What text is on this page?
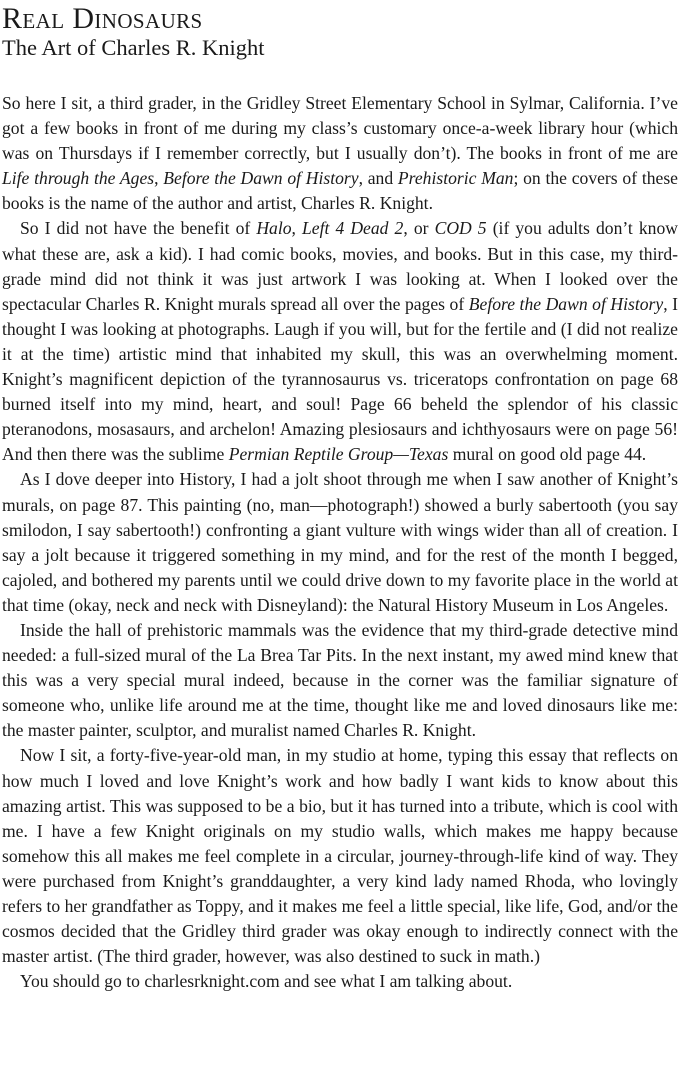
Real Dinosaurs
The Art of Charles R. Knight

So here I sit, a third grader, in the Gridley Street Elementary School in Sylmar, California. I’ve got a few books in front of me during my class’s customary once-a-week library hour (which was on Thursdays if I remember correctly, but I usually don’t). The books in front of me are Life through the Ages, Before the Dawn of History, and Prehistoric Man; on the covers of these books is the name of the author and artist, Charles R. Knight.

So I did not have the benefit of Halo, Left 4 Dead 2, or COD 5 (if you adults don’t know what these are, ask a kid). I had comic books, movies, and books. But in this case, my third-grade mind did not think it was just artwork I was looking at. When I looked over the spectacular Charles R. Knight murals spread all over the pages of Before the Dawn of History, I thought I was looking at photographs. Laugh if you will, but for the fertile and (I did not realize it at the time) artistic mind that inhabited my skull, this was an overwhelming moment. Knight’s magnificent depiction of the tyrannosaurus vs. triceratops confrontation on page 68 burned itself into my mind, heart, and soul! Page 66 beheld the splendor of his classic pteranodons, mosasaurs, and archelon! Amazing plesiosaurs and ichthyosaurs were on page 56! And then there was the sublime Permian Reptile Group—Texas mural on good old page 44.

As I dove deeper into History, I had a jolt shoot through me when I saw another of Knight’s murals, on page 87. This painting (no, man—photograph!) showed a burly sabertooth (you say smilodon, I say sabertooth!) confronting a giant vulture with wings wider than all of creation. I say a jolt because it triggered something in my mind, and for the rest of the month I begged, cajoled, and bothered my parents until we could drive down to my favorite place in the world at that time (okay, neck and neck with Disneyland): the Natural History Museum in Los Angeles.

Inside the hall of prehistoric mammals was the evidence that my third-grade detective mind needed: a full-sized mural of the La Brea Tar Pits. In the next instant, my awed mind knew that this was a very special mural indeed, because in the corner was the familiar signature of someone who, unlike life around me at the time, thought like me and loved dinosaurs like me: the master painter, sculptor, and muralist named Charles R. Knight.

Now I sit, a forty-five-year-old man, in my studio at home, typing this essay that reflects on how much I loved and love Knight’s work and how badly I want kids to know about this amazing artist. This was supposed to be a bio, but it has turned into a tribute, which is cool with me. I have a few Knight originals on my studio walls, which makes me happy because somehow this all makes me feel complete in a circular, journey-through-life kind of way. They were purchased from Knight’s granddaughter, a very kind lady named Rhoda, who lovingly refers to her grandfather as Toppy, and it makes me feel a little special, like life, God, and/or the cosmos decided that the Gridley third grader was okay enough to indirectly connect with the master artist. (The third grader, however, was also destined to suck in math.)

You should go to charlesrknight.com and see what I am talking about.
